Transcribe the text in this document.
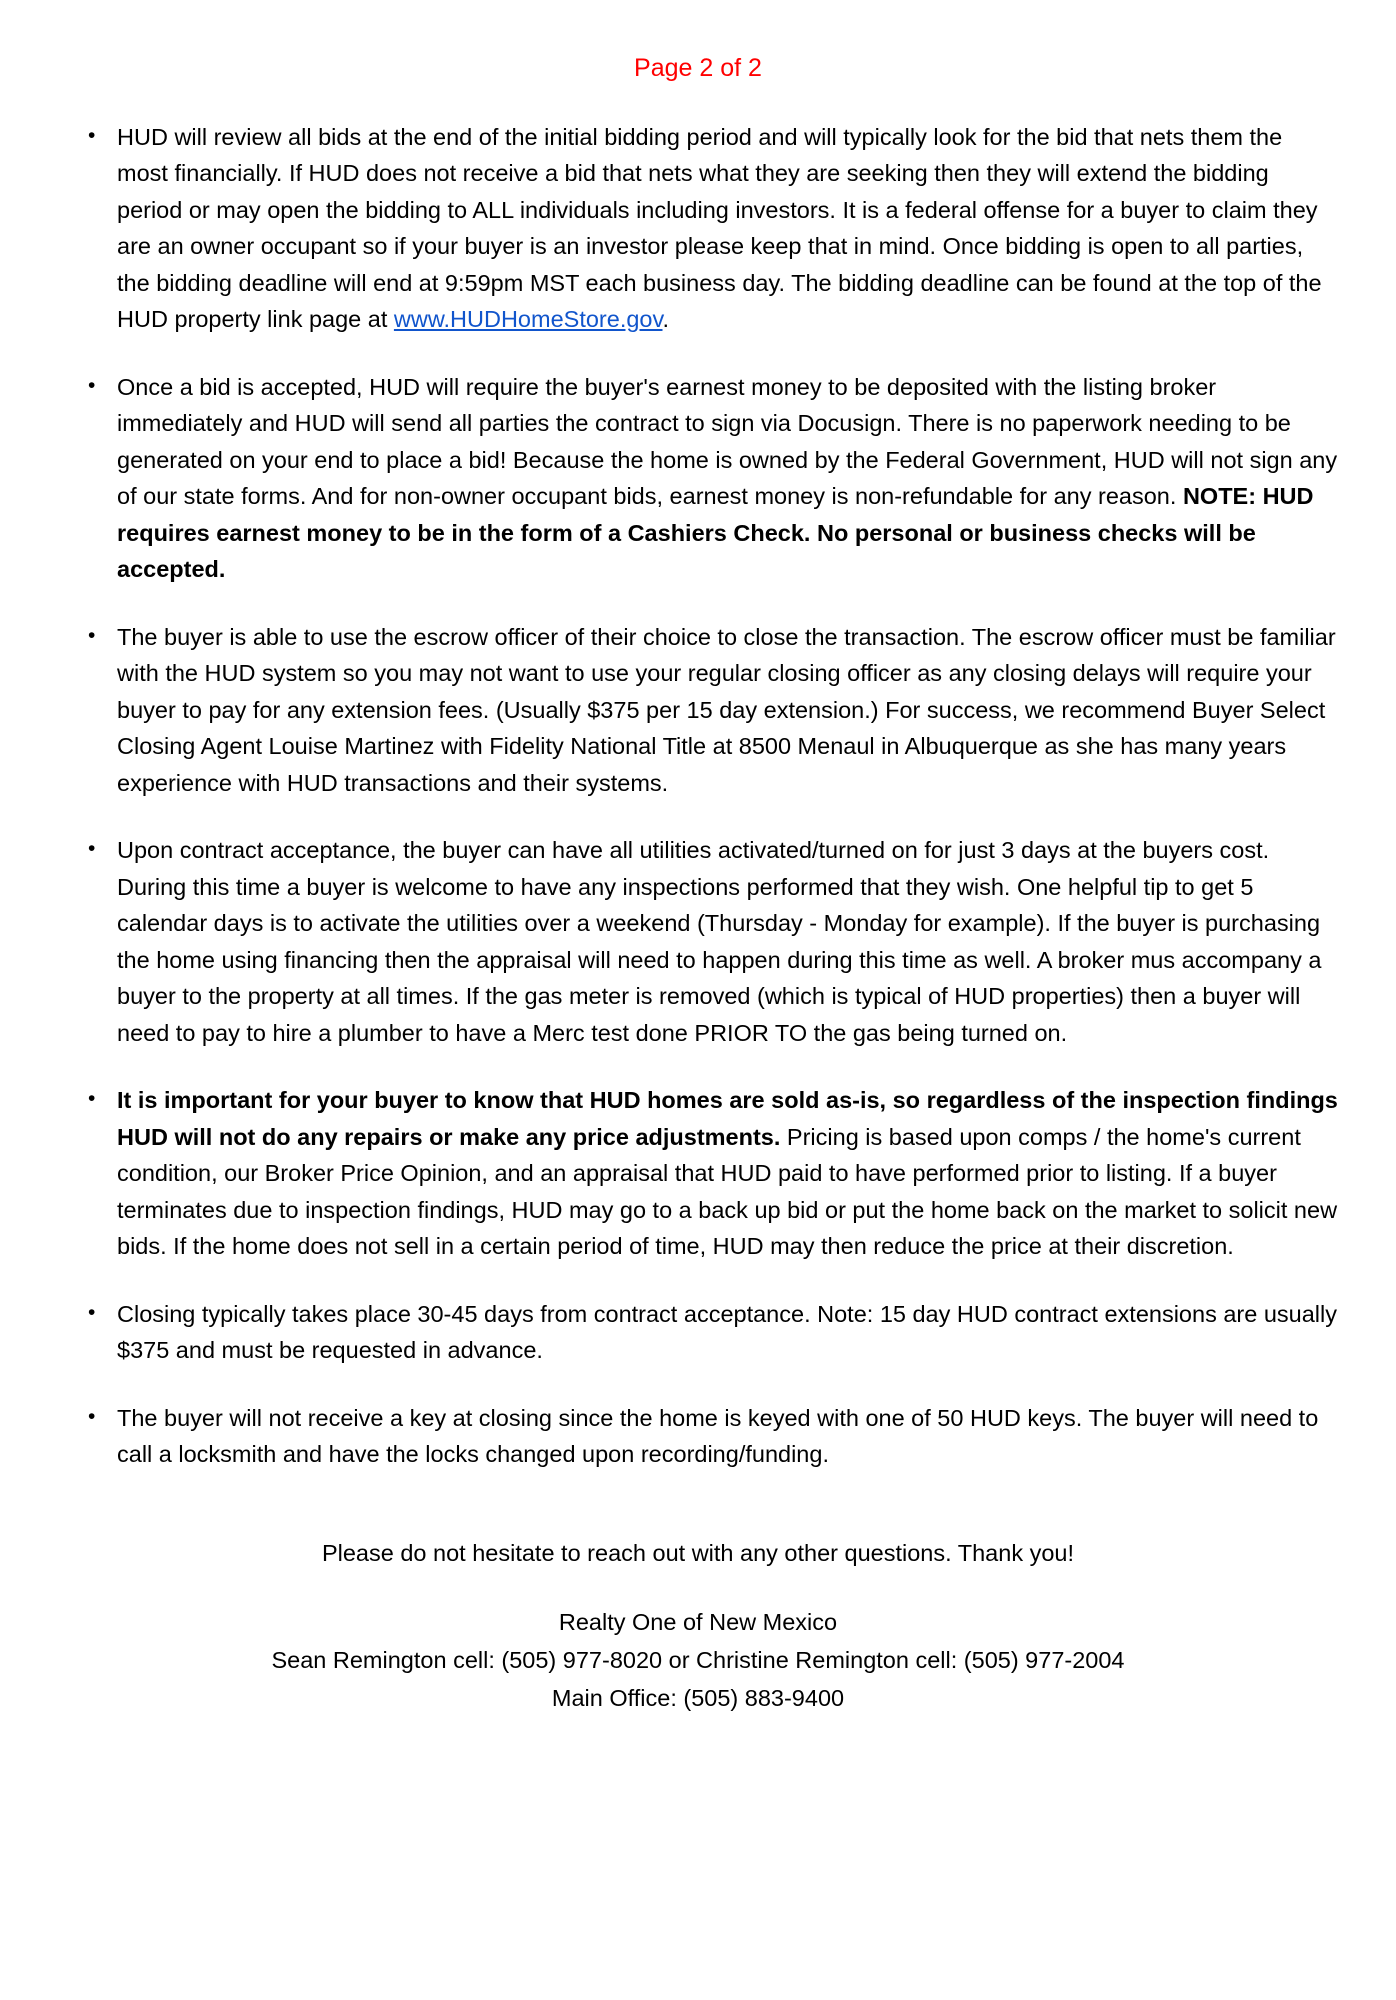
Page 2 of 2
• HUD will review all bids at the end of the initial bidding period and will typically look for the bid that nets them the most financially. If HUD does not receive a bid that nets what they are seeking then they will extend the bidding period or may open the bidding to ALL individuals including investors. It is a federal offense for a buyer to claim they are an owner occupant so if your buyer is an investor please keep that in mind. Once bidding is open to all parties, the bidding deadline will end at 9:59pm MST each business day. The bidding deadline can be found at the top of the HUD property link page at www.HUDHomeStore.gov.
• Once a bid is accepted, HUD will require the buyer's earnest money to be deposited with the listing broker immediately and HUD will send all parties the contract to sign via Docusign. There is no paperwork needing to be generated on your end to place a bid! Because the home is owned by the Federal Government, HUD will not sign any of our state forms. And for non-owner occupant bids, earnest money is non-refundable for any reason. NOTE: HUD requires earnest money to be in the form of a Cashiers Check. No personal or business checks will be accepted.
• The buyer is able to use the escrow officer of their choice to close the transaction. The escrow officer must be familiar with the HUD system so you may not want to use your regular closing officer as any closing delays will require your buyer to pay for any extension fees. (Usually $375 per 15 day extension.) For success, we recommend Buyer Select Closing Agent Louise Martinez with Fidelity National Title at 8500 Menaul in Albuquerque as she has many years experience with HUD transactions and their systems.
• Upon contract acceptance, the buyer can have all utilities activated/turned on for just 3 days at the buyers cost. During this time a buyer is welcome to have any inspections performed that they wish. One helpful tip to get 5 calendar days is to activate the utilities over a weekend (Thursday - Monday for example). If the buyer is purchasing the home using financing then the appraisal will need to happen during this time as well. A broker mus accompany a buyer to the property at all times. If the gas meter is removed (which is typical of HUD properties) then a buyer will need to pay to hire a plumber to have a Merc test done PRIOR TO the gas being turned on.
• It is important for your buyer to know that HUD homes are sold as-is, so regardless of the inspection findings HUD will not do any repairs or make any price adjustments. Pricing is based upon comps / the home's current condition, our Broker Price Opinion, and an appraisal that HUD paid to have performed prior to listing. If a buyer terminates due to inspection findings, HUD may go to a back up bid or put the home back on the market to solicit new bids. If the home does not sell in a certain period of time, HUD may then reduce the price at their discretion.
• Closing typically takes place 30-45 days from contract acceptance. Note: 15 day HUD contract extensions are usually $375 and must be requested in advance.
• The buyer will not receive a key at closing since the home is keyed with one of 50 HUD keys. The buyer will need to call a locksmith and have the locks changed upon recording/funding.
Please do not hesitate to reach out with any other questions. Thank you!
Realty One of New Mexico
Sean Remington cell: (505) 977-8020 or Christine Remington cell: (505) 977-2004
Main Office: (505) 883-9400
